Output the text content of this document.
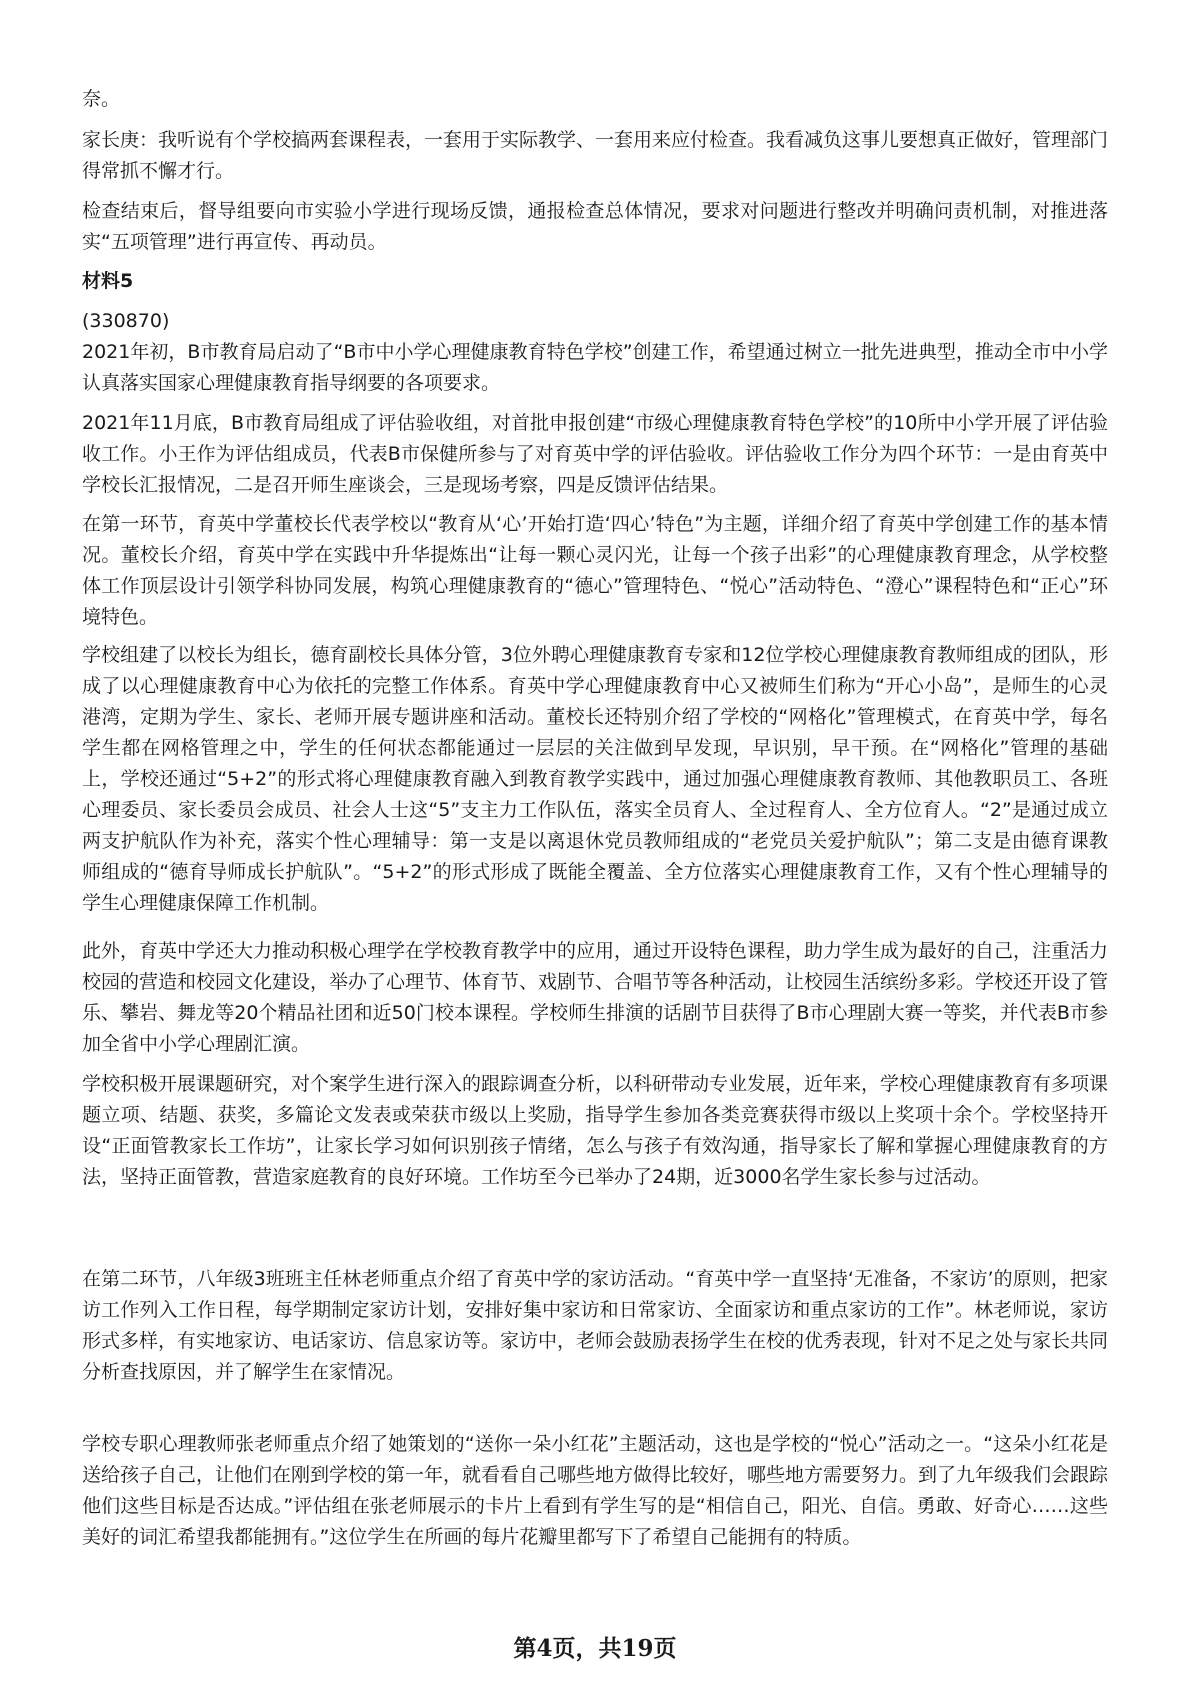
奈。

家长庚：我听说有个学校搞两套课程表，一套用于实际教学、一套用来应付检查。我看减负这事儿要想真正做好，管理部门得常抓不懈才行。

检查结束后，督导组要向市实验小学进行现场反馈，通报检查总体情况，要求对问题进行整改并明确问责机制，对推进落实“五项管理”进行再宣传、再动员。

材料5

(330870)

2021年初，B市教育局启动了“B市中小学心理健康教育特色学校”创建工作，希望通过树立一批先进典型，推动全市中小学认真落实国家心理健康教育指导纲要的各项要求。

2021年11月底，B市教育局组成了评估验收组，对首批申报创建“市级心理健康教育特色学校”的10所中小学开展了评估验收工作。小王作为评估组成员，代表B市保健所参与了对育英中学的评估验收。评估验收工作分为四个环节：一是由育英中学校长汇报情况，二是召开师生座谈会，三是现场考察，四是反馈评估结果。

在第一环节，育英中学董校长代表学校以“教育从‘心’开始打造‘四心’特色”为主题，详细介绍了育英中学创建工作的基本情况。董校长介绍，育英中学在实践中升华提炼出“让每一颗心灵闪光，让每一个孩子出彩”的心理健康教育理念，从学校整体工作顶层设计引领学科协同发展，构筑心理健康教育的“德心”管理特色、“悦心”活动特色、“澄心”课程特色和“正心”环境特色。

学校组建了以校长为组长，德育副校长具体分管，3位外聘心理健康教育专家和12位学校心理健康教育教师组成的团队，形成了以心理健康教育中心为依托的完整工作体系。育英中学心理健康教育中心又被师生们称为“开心小岛”，是师生的心灵港湾，定期为学生、家长、老师开展专题讲座和活动。董校长还特别介绍了学校的“网格化”管理模式，在育英中学，每名学生都在网格管理之中，学生的任何状态都能通过一层层的关注做到早发现，早识别，早干预。在“网格化”管理的基础上，学校还通过“5+2”的形式将心理健康教育融入到教育教学实践中，通过加强心理健康教育教师、其他教职员工、各班心理委员、家长委员会成员、社会人士这“5”支主力工作队伍，落实全员育人、全过程育人、全方位育人。“2”是通过成立两支护航队作为补充，落实个性心理辅导：第一支是以离退休党员教师组成的“老党员关爱护航队”；第二支是由德育课教师组成的“德育导师成长护航队”。“5+2”的形式形成了既能全覆盖、全方位落实心理健康教育工作，又有个性心理辅导的学生心理健康保障工作机制。

此外，育英中学还大力推动积极心理学在学校教育教学中的应用，通过开设特色课程，助力学生成为最好的自己，注重活力校园的营造和校园文化建设，举办了心理节、体育节、戏剧节、合唱节等各种活动，让校园生活缤纷多彩。学校还开设了管乐、攀岩、舞龙等20个精品社团和近50门校本课程。学校师生排演的话剧节目获得了B市心理剧大赛一等奖，并代表B市参加全省中小学心理剧汇演。

学校积极开展课题研究，对个案学生进行深入的跟踪调查分析，以科研带动专业发展，近年来，学校心理健康教育有多项课题立项、结题、获奖，多篇论文发表或荣获市级以上奖励，指导学生参加各类竞赛获得市级以上奖项十余个。学校坚持开设“正面管教家长工作坊”，让家长学习如何识别孩子情绪，怎么与孩子有效沟通，指导家长了解和掌握心理健康教育的方法，坚持正面管教，营造家庭教育的良好环境。工作坊至今已举办了24期，近3000名学生家长参与过活动。

在第二环节，八年级3班班主任林老师重点介绍了育英中学的家访活动。“育英中学一直坚持‘无准备，不家访’的原则，把家访工作列入工作日程，每学期制定家访计划，安排好集中家访和日常家访、全面家访和重点家访的工作”。林老师说，家访形式多样，有实地家访、电话家访、信息家访等。家访中，老师会鼓励表扬学生在校的优秀表现，针对不足之处与家长共同分析查找原因，并了解学生在家情况。

学校专职心理教师张老师重点介绍了她策划的“送你一朵小红花”主题活动，这也是学校的“悦心”活动之一。“这朵小红花是送给孩子自己，让他们在刚到学校的第一年，就看看自己哪些地方做得比较好，哪些地方需要努力。到了九年级我们会跟踪他们这些目标是否达成。”评估组在张老师展示的卡片上看到有学生写的是“相信自己，阳光、自信。勇敢、好奇心……这些美好的词汇希望我都能拥有。”这位学生在所画的每片花瓣里都写下了希望自己能拥有的特质。

第4页，共19页
